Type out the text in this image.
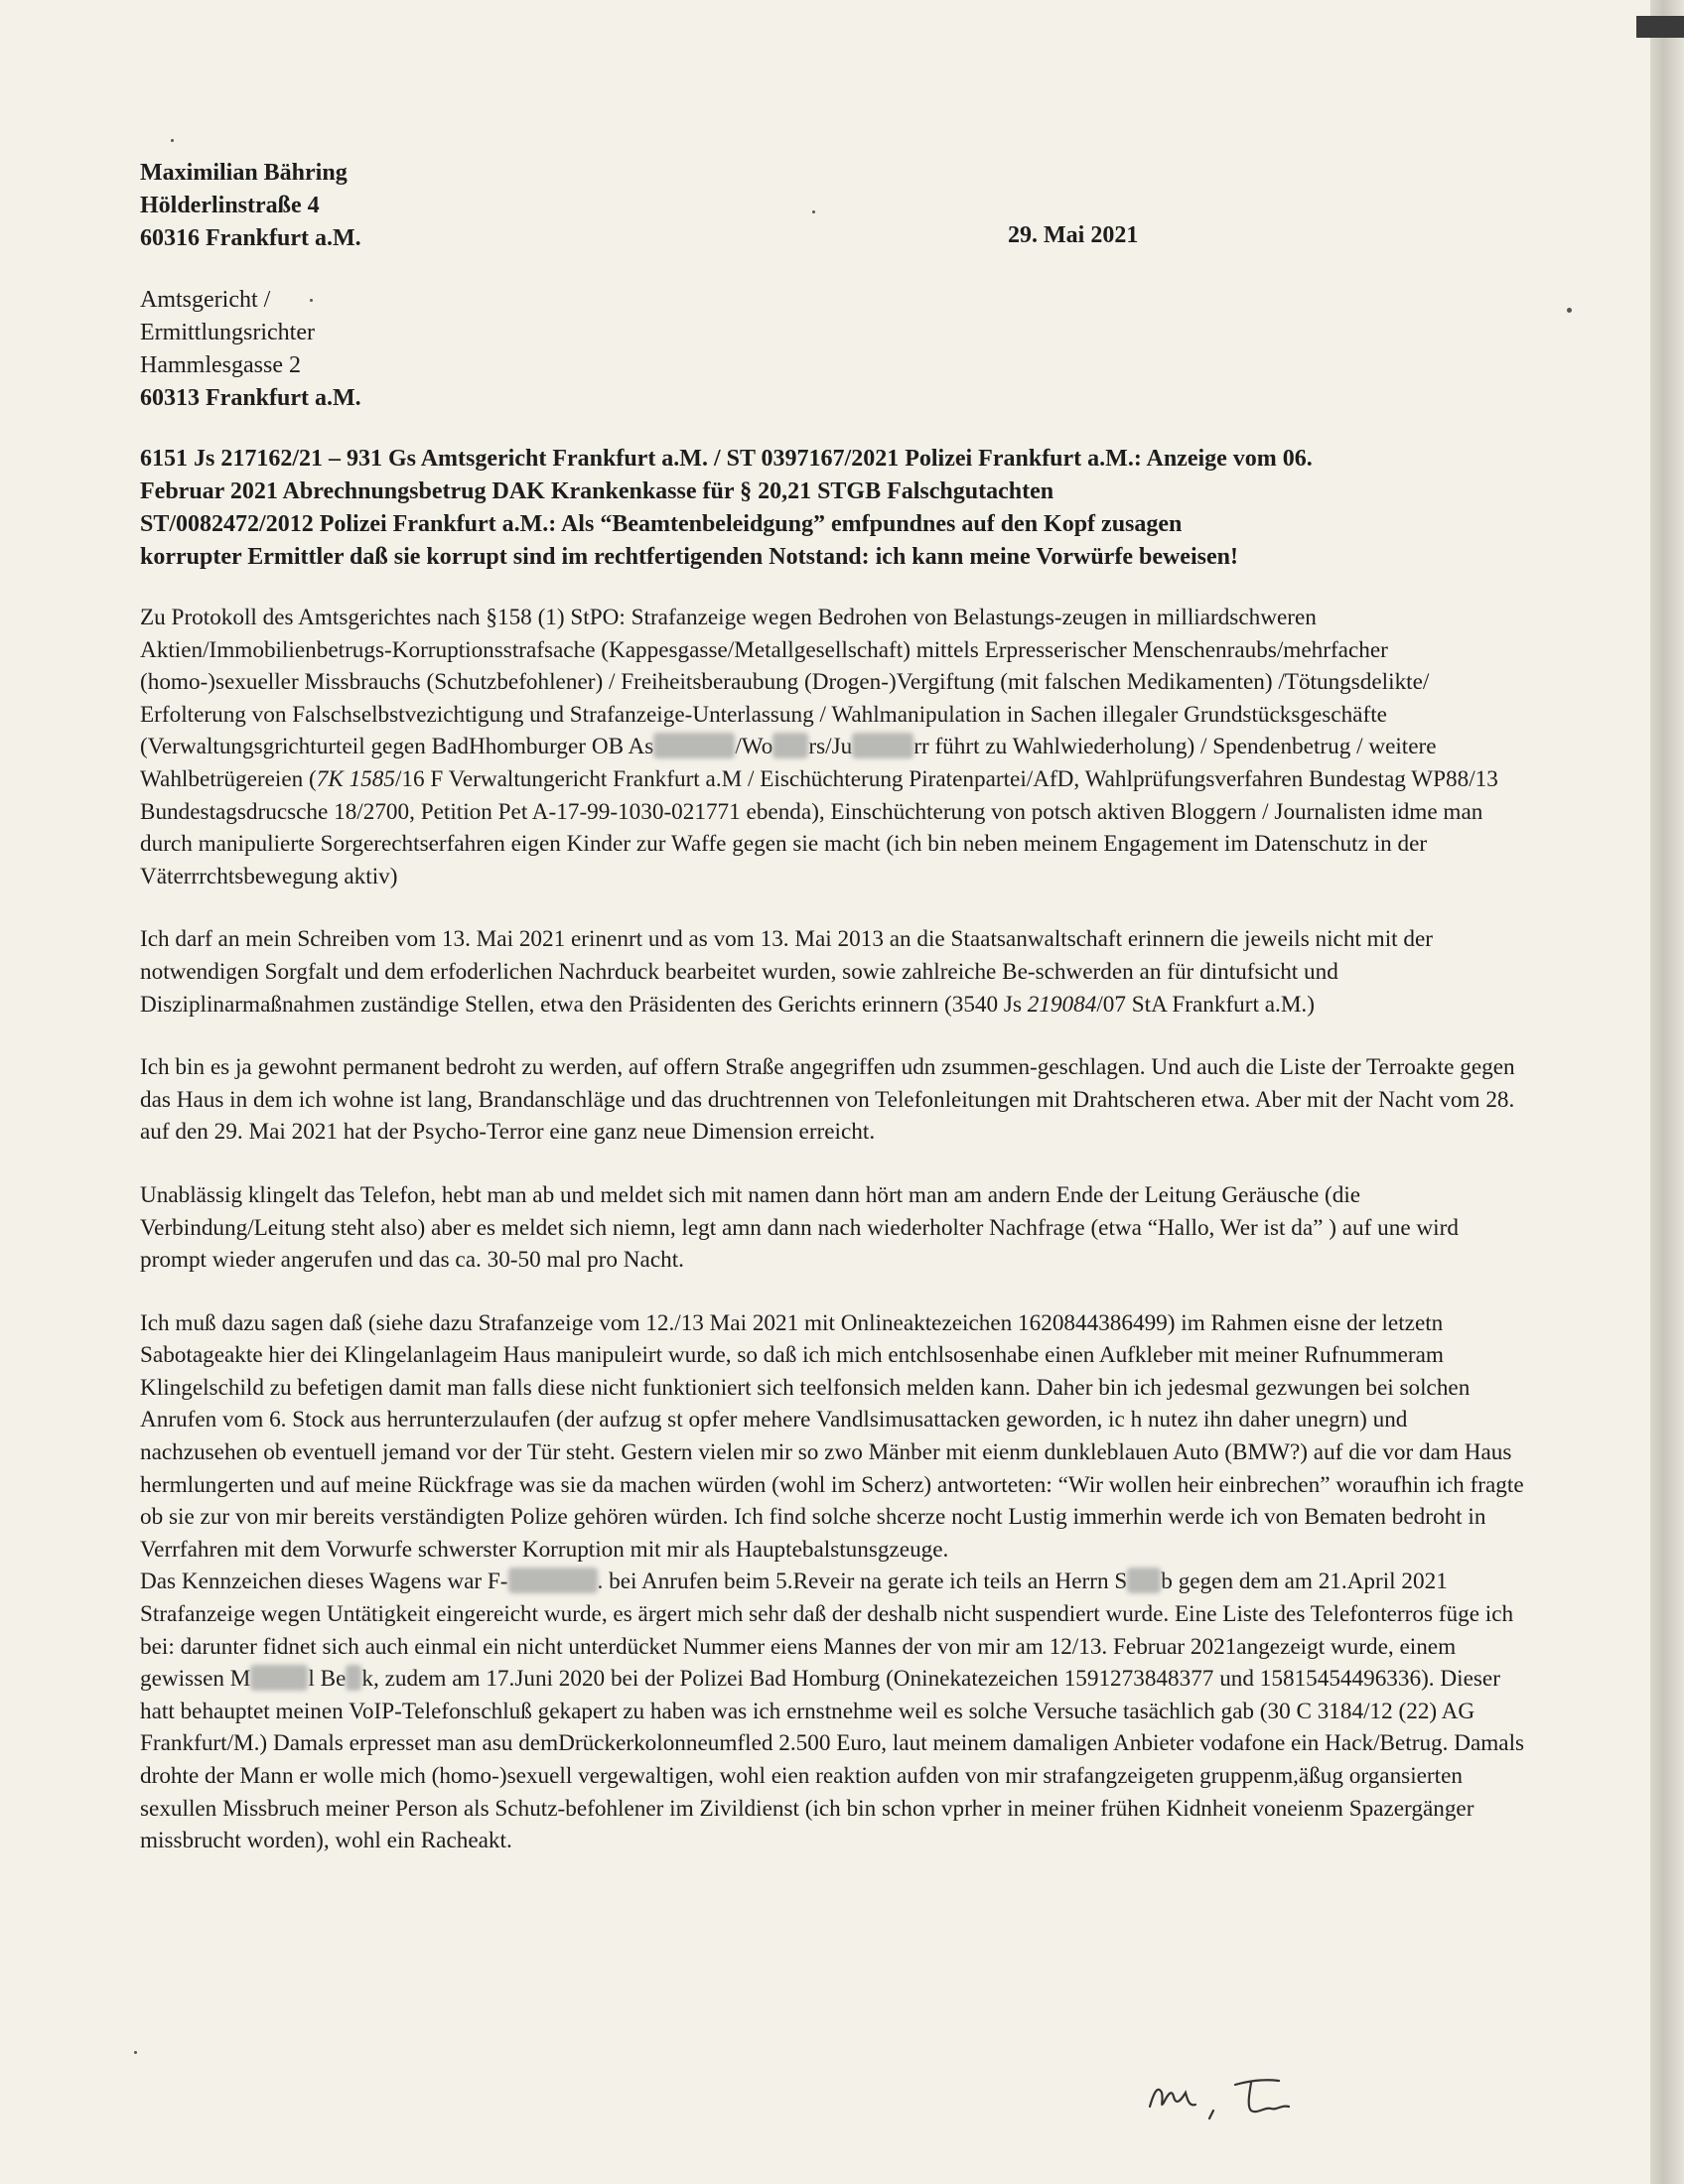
Maximilian Bähring
Hölderlinstraße 4
60316 Frankfurt a.M.	29. Mai 2021
Amtsgericht /
Ermittlungsrichter
Hammlesgasse 2
60313 Frankfurt a.M.
6151 Js 217162/21 – 931 Gs Amtsgericht Frankfurt a.M. / ST 0397167/2021 Polizei Frankfurt a.M.: Anzeige vom 06.
Februar 2021 Abrechnungsbetrug DAK Krankenkasse für § 20,21 STGB Falschgutachten
ST/0082472/2012 Polizei Frankfurt a.M.: Als “Beamtenbeleidgung” emfpundnes auf den Kopf zusagen
korrupter Ermittler daß sie korrupt sind im rechtfertigenden Notstand: ich kann meine Vorwürfe beweisen!

Zu Protokoll des Amtsgerichtes nach §158 (1) StPO: Strafanzeige wegen Bedrohen von Belastungs-zeugen in milliardschweren Aktien/Immobilienbetrugs-Korruptionsstrafsache (Kappesgasse/Metallgesellschaft) mittels Erpresserischer Menschenraubs/mehrfacher (homo-)sexueller Missbrauchs (Schutzbefohlener) / Freiheitsberaubung (Drogen-)Vergiftung (mit falschen Medikamenten) /Tötungsdelikte/ Erfolterung von Falschselbstvezichtigung und Strafanzeige-Unterlassung / Wahlmanipulation in Sachen illegaler Grundstücksgeschäfte (Verwaltungsgrichturteil gegen BadHhomburger OB As	/Wo rs/Ju	rr führt zu Wahlwiederholung) / Spendenbetrug / weitere Wahlbetrügereien (7K 1585/16 F Verwaltungericht Frankfurt a.M / Eischüchterung Piratenpartei/AfD, Wahlprüfungsverfahren Bundestag WP88/13 Bundestagsdrucsche 18/2700, Petition Pet A-17-99-1030-021771 ebenda), Einschüchterung von potsch aktiven Bloggern / Journalisten idme man durch manipulierte Sorgerechtserfahren eigen Kinder zur Waffe gegen sie macht (ich bin neben meinem Engagement im Datenschutz in der Väterrrchtsbewegung aktiv)

Ich darf an mein Schreiben vom 13. Mai 2021 erinenrt und as vom 13. Mai 2013 an die Staatsanwaltschaft erinnern die jeweils nicht mit der notwendigen Sorgfalt und dem erfoderlichen Nachrduck bearbeitet wurden, sowie zahlreiche Be-schwerden an für dintufsicht und Disziplinarmaßnahmen zuständige Stellen, etwa den Präsidenten des Gerichts erinnern (3540 Js 219084/07 StA Frankfurt a.M.)

Ich bin es ja gewohnt permanent bedroht zu werden, auf offern Straße angegriffen udn zsummen-geschlagen. Und auch die Liste der Terroakte gegen das Haus in dem ich wohne ist lang, Brandanschläge und das druchtrennen von Telefonleitungen mit Drahtscheren etwa. Aber mit der Nacht vom 28. auf den 29. Mai 2021 hat der Psycho-Terror eine ganz neue Dimension erreicht.

Unablässig klingelt das Telefon, hebt man ab und meldet sich mit namen dann hört man am andern Ende der Leitung Geräusche (die Verbindung/Leitung steht also) aber es meldet sich niemn, legt amn dann nach wiederholter Nachfrage (etwa “Hallo, Wer ist da” ) auf une wird prompt wieder angerufen und das ca. 30-50 mal pro Nacht.

Ich muß dazu sagen daß (siehe dazu Strafanzeige vom 12./13 Mai 2021 mit Onlineaktezeichen 1620844386499) im Rahmen eisne der letzetn Sabotageakte hier dei Klingelanlageim Haus manipuleirt wurde, so daß ich mich entchlsosenhabe einen Aufkleber mit meiner Rufnummeram Klingelschild zu befetigen damit man falls diese nicht funktioniert sich teelfonsich melden kann. Daher bin ich jedesmal gezwungen bei solchen Anrufen vom 6. Stock aus herrunterzulaufen (der aufzug st opfer mehere Vandlsimusattacken geworden, ic h nutez ihn daher unegrn) und nachzusehen ob eventuell jemand vor der Tür steht. Gestern vielen mir so zwo Mänber mit eienm dunkleblauen Auto (BMW?) auf die vor dam Haus hermlungerten und auf meine Rückfrage was sie da machen würden (wohl im Scherz) antworteten: “Wir wollen heir einbrechen” woraufhin ich fragte ob sie zur von mir bereits verständigten Polize gehören würden. Ich find solche shcerze nocht Lustig immerhin werde ich von Bematen bedroht in Verrfahren mit dem Vorwurfe schwerster Korruption mit mir als Hauptebalstunsgzeuge.
Das Kennzeichen dieses Wagens war F-	. bei Anrufen beim 5.Reveir na gerate ich teils an Herrn S b gegen dem am 21.April 2021 Strafanzeige wegen Untätigkeit eingereicht wurde, es ärgert mich sehr daß der deshalb nicht suspendiert wurde. Eine Liste des Telefonterros füge ich bei: darunter fidnet sich auch einmal ein nicht unterdücket Nummer eiens Mannes der von mir am 12/13. Februar 2021angezeigt wurde, einem gewissen M	l Be k, zudem am 17.Juni 2020 bei der Polizei Bad Homburg (Oninekatezeichen 1591273848377 und 15815454496336). Dieser hatt behauptet meinen VoIP-Telefonschluß gekapert zu haben was ich ernstnehme weil es solche Versuche tasächlich gab (30 C 3184/12 (22) AG Frankfurt/M.) Damals erpresset man asu demDrückerkolonneumfled 2.500 Euro, laut meinem damaligen Anbieter vodafone ein Hack/Betrug. Damals drohte der Mann er wolle mich (homo-)sexuell vergewaltigen, wohl eien reaktion aufden von mir strafangzeigeten gruppenm,äßug organsierten sexullen Missbruch meiner Person als Schutz-befohlener im Zivildienst (ich bin schon vprher in meiner frühen Kidnheit voneienm Spazergänger missbrucht worden), wohl ein Racheakt.
